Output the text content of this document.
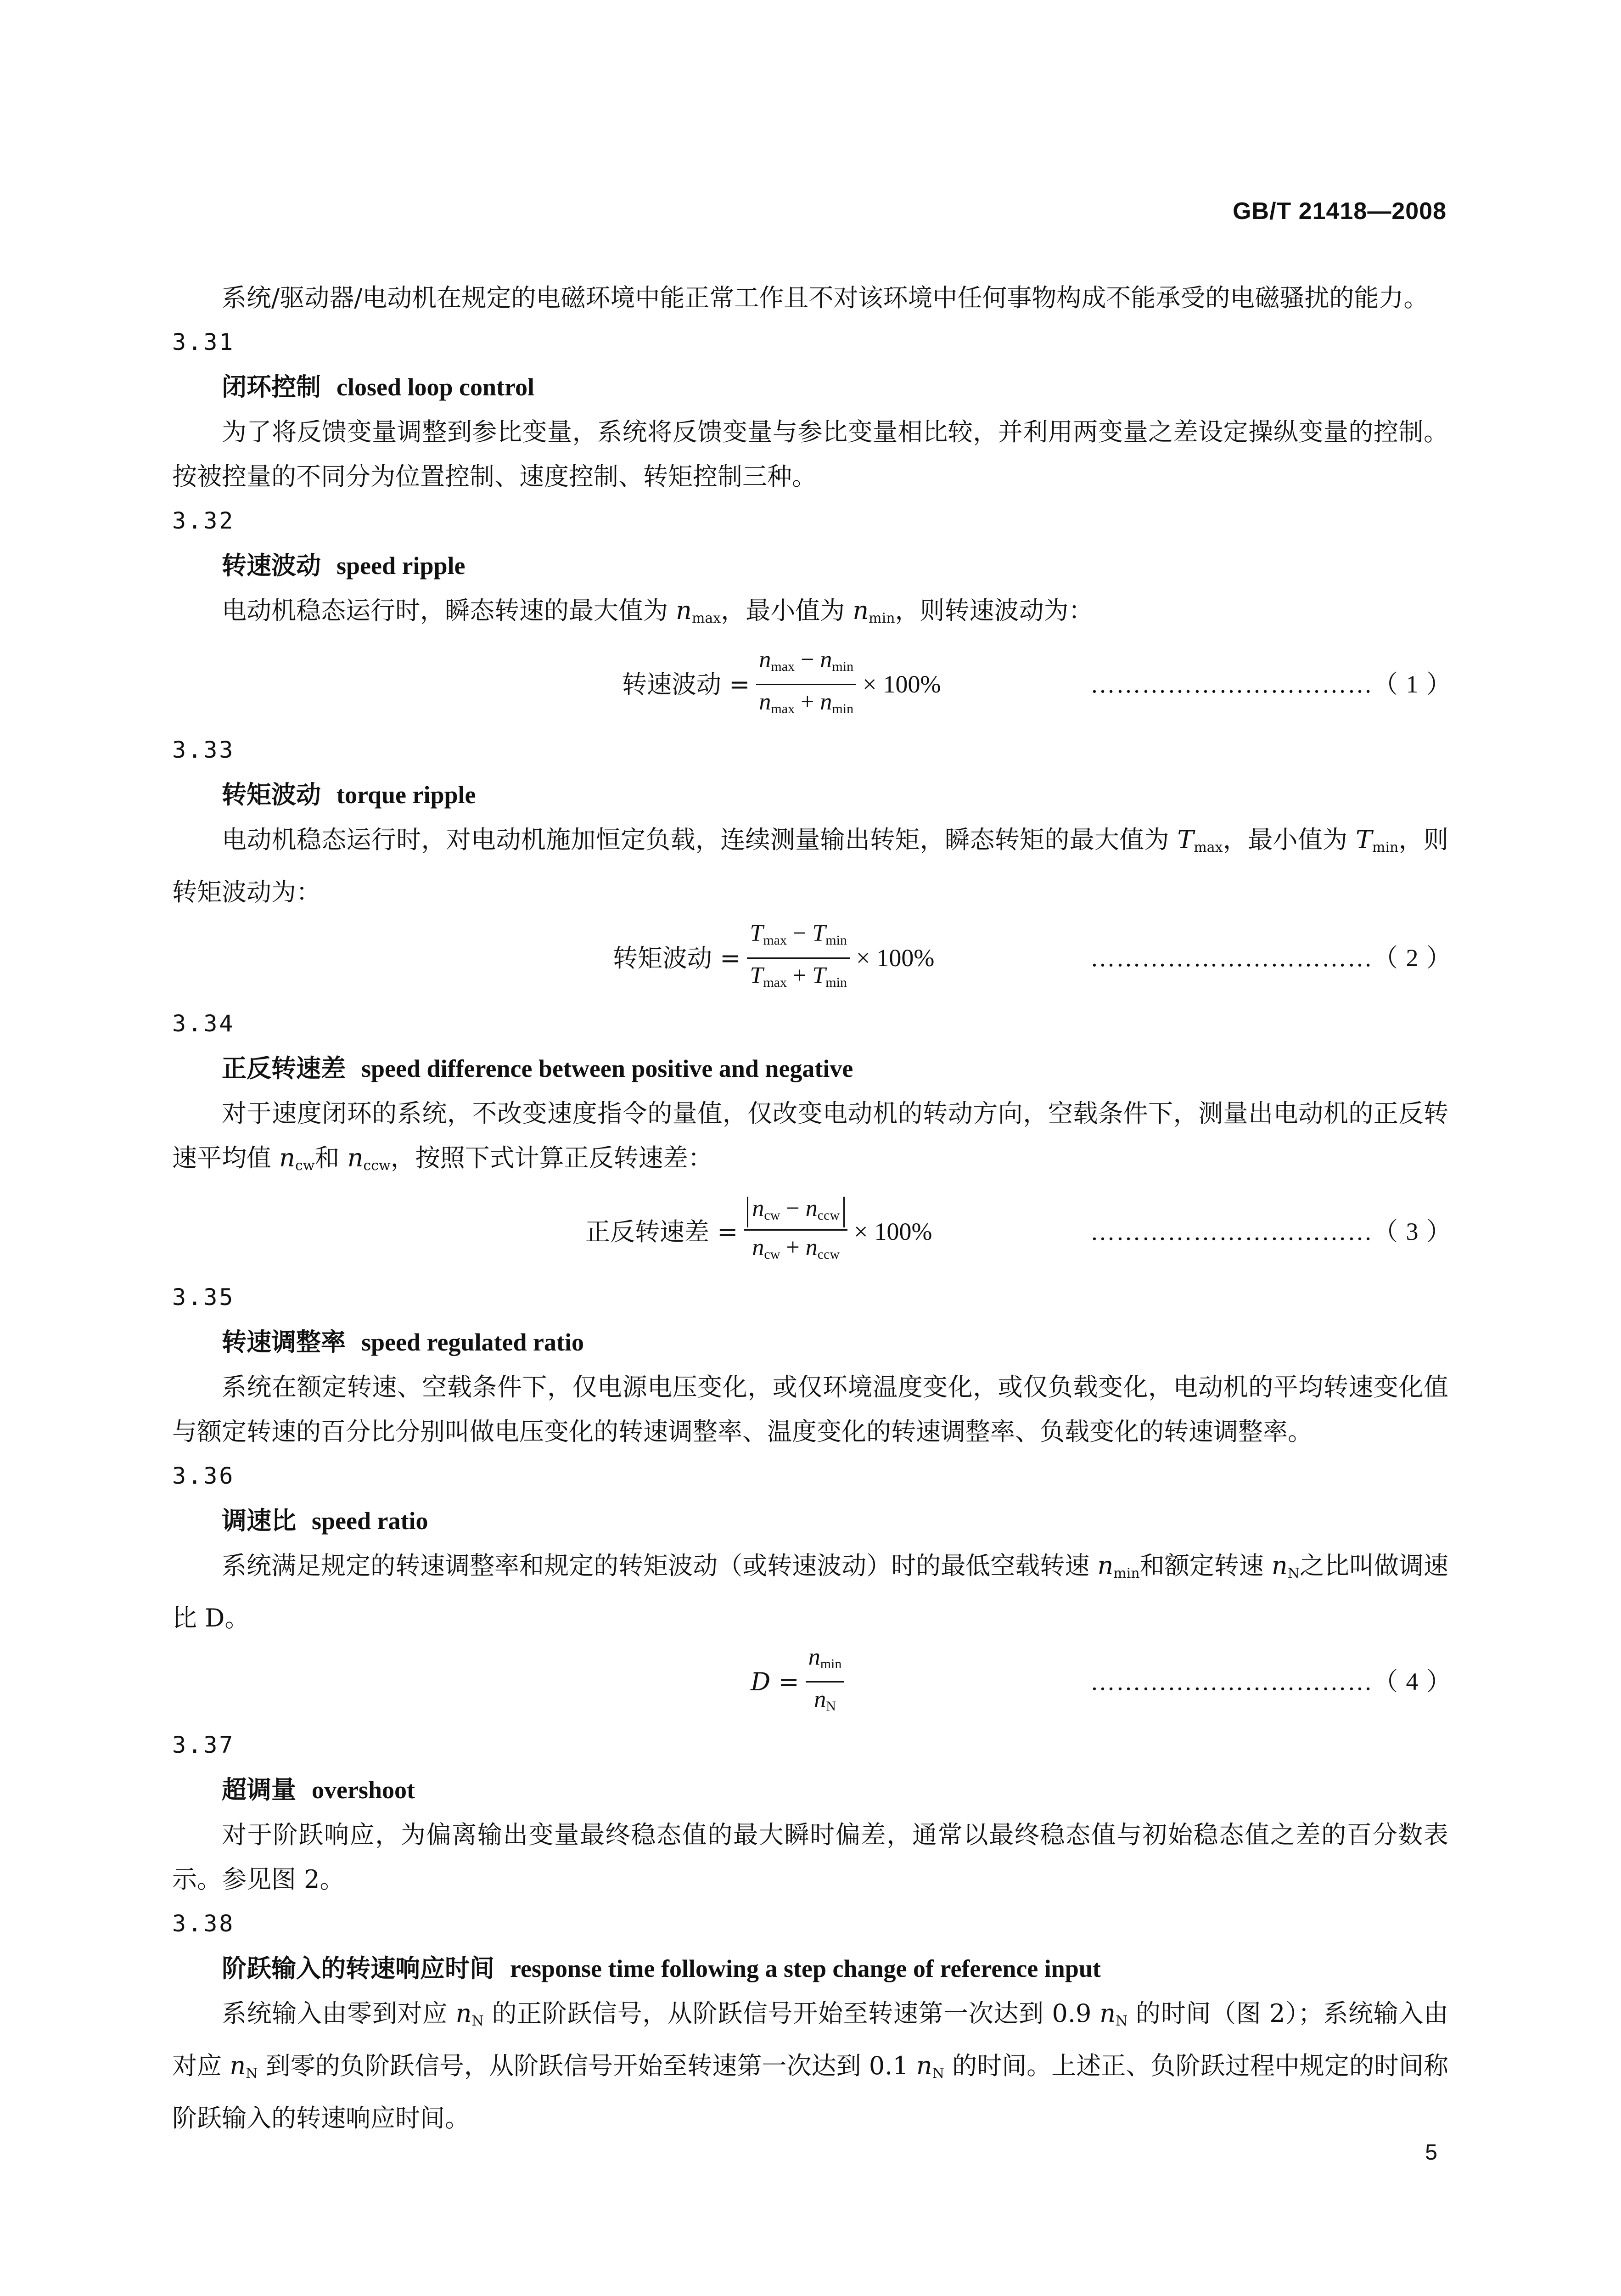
GB/T 21418—2008

系统/驱动器/电动机在规定的电磁环境中能正常工作且不对该环境中任何事物构成不能承受的电磁骚扰的能力。

3.31

闭环控制 closed loop control

为了将反馈变量调整到参比变量，系统将反馈变量与参比变量相比较，并利用两变量之差设定操纵变量的控制。按被控量的不同分为位置控制、速度控制、转矩控制三种。

3.32

转速波动 speed ripple

电动机稳态运行时，瞬态转速的最大值为 $n_{max}$，最小值为 $n_{min}$，则转速波动为：

转速波动 = $\frac{n_{max} - n_{min}}{n_{max} + n_{min}} \times 100\%$	……………………………（ 1 ）

3.33

转矩波动 torque ripple

电动机稳态运行时，对电动机施加恒定负载，连续测量输出转矩，瞬态转矩的最大值为 $T_{max}$，最小值为 $T_{min}$，则转矩波动为：

转矩波动 = $\frac{T_{max} - T_{min}}{T_{max} + T_{min}} \times 100\%$	……………………………（ 2 ）

3.34

正反转速差 speed difference between positive and negative

对于速度闭环的系统，不改变速度指令的量值，仅改变电动机的转动方向，空载条件下，测量出电动机的正反转速平均值 $n_{cw}$和 $n_{ccw}$，按照下式计算正反转速差：

正反转速差 = $\frac{n_{cw} - n_{ccw}}{n_{cw} + n_{ccw}} \times 100\%$	……………………………（ 3 ）

3.35

转速调整率 speed regulated ratio

系统在额定转速、空载条件下，仅电源电压变化，或仅环境温度变化，或仅负载变化，电动机的平均转速变化值与额定转速的百分比分别叫做电压变化的转速调整率、温度变化的转速调整率、负载变化的转速调整率。

3.36

调速比 speed ratio

系统满足规定的转速调整率和规定的转矩波动（或转速波动）时的最低空载转速 $n_{min}$和额定转速 $n_N$之比叫做调速比 D。

$D = \frac{n_{min}}{n_N}$	……………………………（ 4 ）

3.37

超调量 overshoot

对于阶跃响应，为偏离输出变量最终稳态值的最大瞬时偏差，通常以最终稳态值与初始稳态值之差的百分数表示。参见图 2。

3.38

阶跃输入的转速响应时间 response time following a step change of reference input

系统输入由零到对应 $n_N$ 的正阶跃信号，从阶跃信号开始至转速第一次达到 0.9 $n_N$ 的时间（图 2）；系统输入由对应 $n_N$ 到零的负阶跃信号，从阶跃信号开始至转速第一次达到 0.1 $n_N$ 的时间。上述正、负阶跃过程中规定的时间称阶跃输入的转速响应时间。

5
